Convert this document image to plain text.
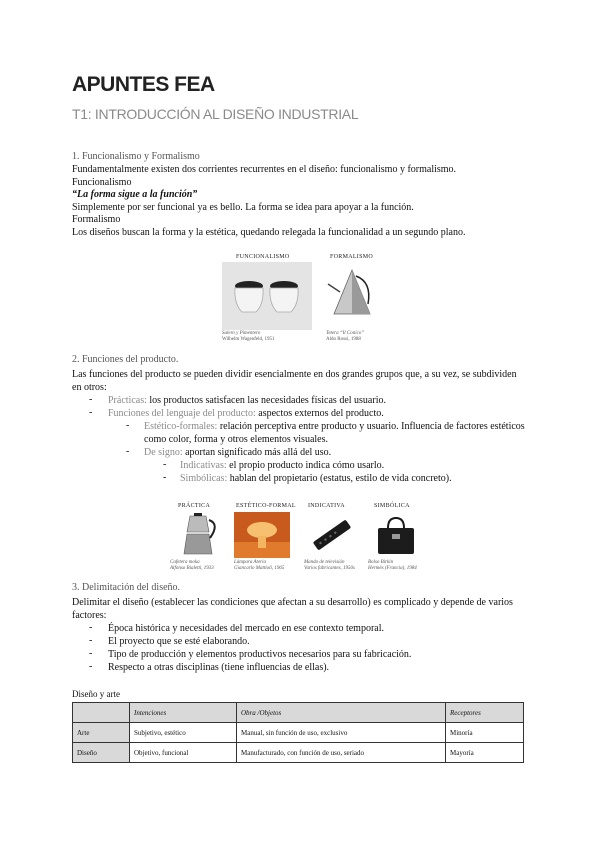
APUNTES FEA
T1: INTRODUCCIÓN AL DISEÑO INDUSTRIAL
1. Funcionalismo y Formalismo
Fundamentalmente existen dos corrientes recurrentes en el diseño: funcionalismo y formalismo.
Funcionalismo
“La forma sigue a la función”
Simplemente por ser funcional ya es bello. La forma se idea para apoyar a la función.
Formalismo
Los diseños buscan la forma y la estética, quedando relegada la funcionalidad a un segundo plano.
FUNCIONALISMO	FORMALISMO
Salero y Pimentero
Wilhelm Wagenfeld, 1951
Tetera “Il Conico”
Aldo Rossi, 1988
2. Funciones del producto.
Las funciones del producto se pueden dividir esencialmente en dos grandes grupos que, a su vez, se subdividen
en otros:
- Prácticas: los productos satisfacen las necesidades físicas del usuario.
- Funciones del lenguaje del producto: aspectos externos del producto.
- Estético-formales: relación perceptiva entre producto y usuario. Influencia de factores estéticos
como color, forma y otros elementos visuales.
- De signo: aportan significado más allá del uso.
- Indicativas: el propio producto indica cómo usarlo.
- Simbólicas: hablan del propietario (estatus, estilo de vida concreto).
PRÁCTICA	ESTÉTICO-FORMAL INDICATIVA	SIMBÓLICA
Cafetera moka
Alfonso Bialetti, 1933
Lámpara Ateria
Giancarlo Mattioli, 1965
Mando de televisión
Varios fabricantes, 1950s
Bolso Birkin
Hermès (Francia), 1984
3. Delimitación del diseño.
Delimitar el diseño (establecer las condiciones que afectan a su desarrollo) es complicado y depende de varios
factores:
- Época histórica y necesidades del mercado en ese contexto temporal.
- El proyecto que se esté elaborando.
- Tipo de producción y elementos productivos necesarios para su fabricación.
- Respecto a otras disciplinas (tiene influencias de ellas).
Diseño y arte
	Intenciones	Obra /Objetos	Receptores
Arte	Subjetivo, estético	Manual, sin función de uso, exclusivo	Minoría
Diseño	Objetivo, funcional	Manufacturado, con función de uso, seriado	Mayoría
